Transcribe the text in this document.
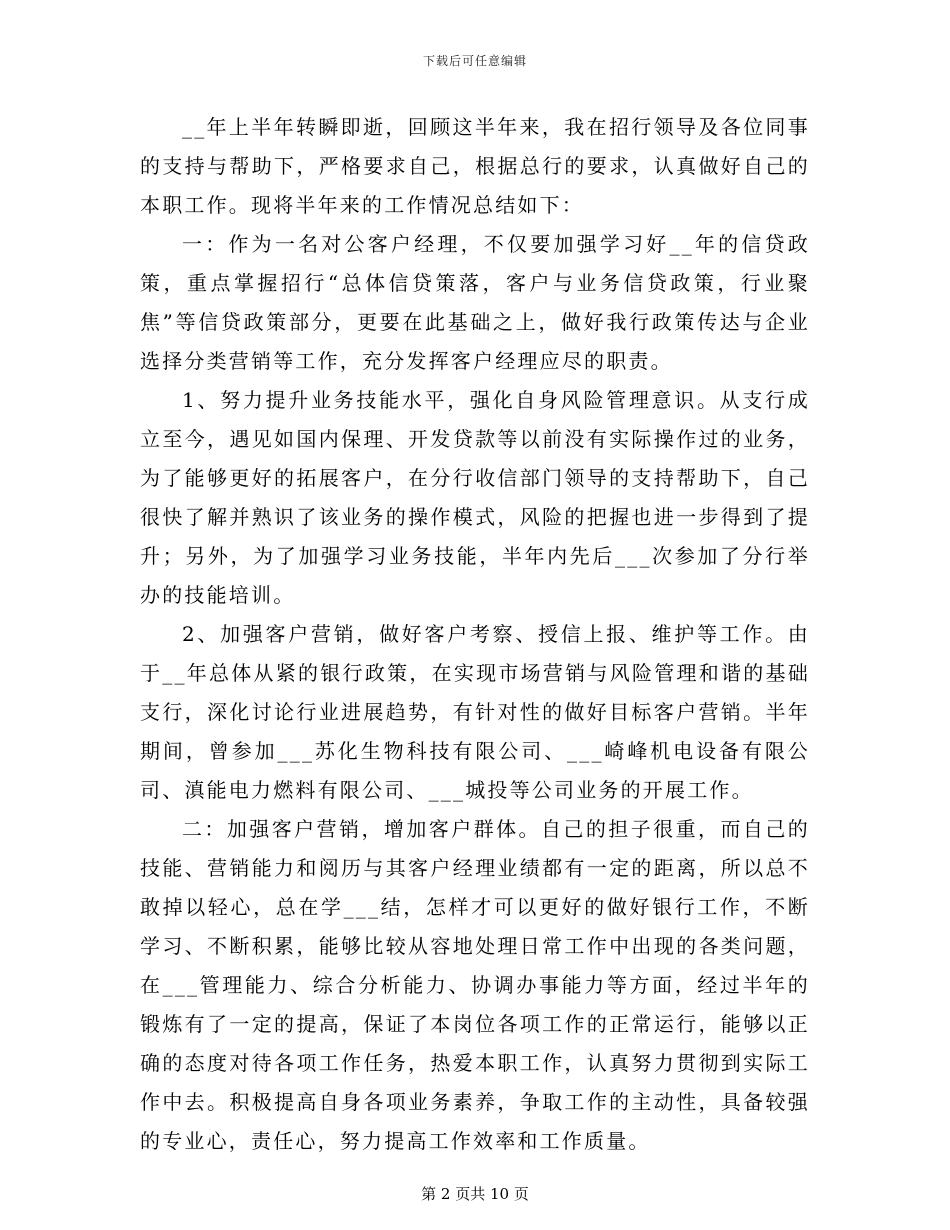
下载后可任意编辑

__年上半年转瞬即逝，回顾这半年来，我在招行领导及各位同事的支持与帮助下，严格要求自己，根据总行的要求，认真做好自己的本职工作。现将半年来的工作情况总结如下：

一：作为一名对公客户经理，不仅要加强学习好__年的信贷政策，重点掌握招行“总体信贷策落，客户与业务信贷政策，行业聚焦”等信贷政策部分，更要在此基础之上，做好我行政策传达与企业选择分类营销等工作，充分发挥客户经理应尽的职责。

1、努力提升业务技能水平，强化自身风险管理意识。从支行成立至今，遇见如国内保理、开发贷款等以前没有实际操作过的业务，为了能够更好的拓展客户，在分行收信部门领导的支持帮助下，自己很快了解并熟识了该业务的操作模式，风险的把握也进一步得到了提升；另外，为了加强学习业务技能，半年内先后___次参加了分行举办的技能培训。

2、加强客户营销，做好客户考察、授信上报、维护等工作。由于__年总体从紧的银行政策，在实现市场营销与风险管理和谐的基础支行，深化讨论行业进展趋势，有针对性的做好目标客户营销。半年期间，曾参加___苏化生物科技有限公司、___崎峰机电设备有限公司、滇能电力燃料有限公司、___城投等公司业务的开展工作。

二：加强客户营销，增加客户群体。自己的担子很重，而自己的技能、营销能力和阅历与其客户经理业绩都有一定的距离，所以总不敢掉以轻心，总在学___结，怎样才可以更好的做好银行工作，不断学习、不断积累，能够比较从容地处理日常工作中出现的各类问题，在___管理能力、综合分析能力、协调办事能力等方面，经过半年的锻炼有了一定的提高，保证了本岗位各项工作的正常运行，能够以正确的态度对待各项工作任务，热爱本职工作，认真努力贯彻到实际工作中去。积极提高自身各项业务素养，争取工作的主动性，具备较强的专业心，责任心，努力提高工作效率和工作质量。

第 2 页共 10 页
